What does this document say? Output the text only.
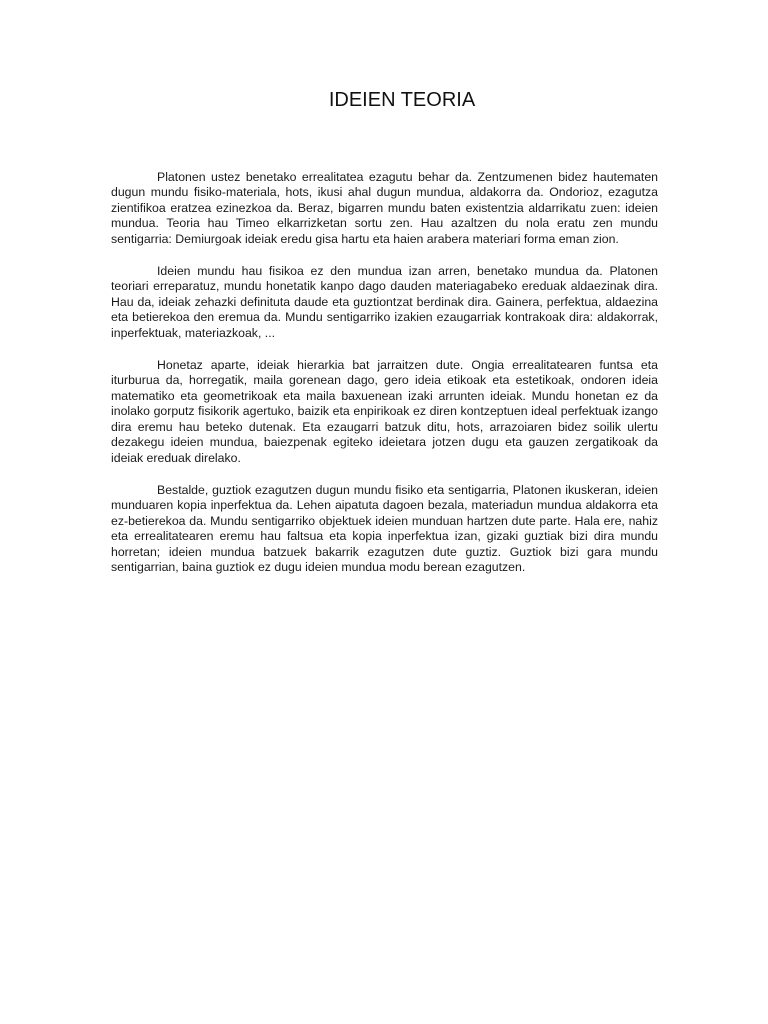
IDEIEN TEORIA

Platonen ustez benetako errealitatea ezagutu behar da. Zentzumenen bidez hautematen dugun mundu fisiko-materiala, hots, ikusi ahal dugun mundua, aldakorra da. Ondorioz, ezagutza zientifikoa eratzea ezinezkoa da. Beraz, bigarren mundu baten existentzia aldarrikatu zuen: ideien mundua. Teoria hau Timeo elkarrizketan sortu zen. Hau azaltzen du nola eratu zen mundu sentigarria: Demiurgoak ideiak eredu gisa hartu eta haien arabera materiari forma eman zion.

Ideien mundu hau fisikoa ez den mundua izan arren, benetako mundua da. Platonen teoriari erreparatuz, mundu honetatik kanpo dago dauden materiagabeko ereduak aldaezinak dira. Hau da, ideiak zehazki definituta daude eta guztiontzat berdinak dira. Gainera, perfektua, aldaezina eta betierekoa den eremua da. Mundu sentigarriko izakien ezaugarriak kontrakoak dira: aldakorrak, inperfektuak, materiazkoak, ...

Honetaz aparte, ideiak hierarkia bat jarraitzen dute. Ongia errealitatearen funtsa eta iturburua da, horregatik, maila gorenean dago, gero ideia etikoak eta estetikoak, ondoren ideia matematiko eta geometrikoak eta maila baxuenean izaki arrunten ideiak. Mundu honetan ez da inolako gorputz fisikorik agertuko, baizik eta enpirikoak ez diren kontzeptuen ideal perfektuak izango dira eremu hau beteko dutenak. Eta ezaugarri batzuk ditu, hots, arrazoiaren bidez soilik ulertu dezakegu ideien mundua, baiezpenak egiteko ideietara jotzen dugu eta gauzen zergatikoak da ideiak ereduak direlako.

Bestalde, guztiok ezagutzen dugun mundu fisiko eta sentigarria, Platonen ikuskeran, ideien munduaren kopia inperfektua da. Lehen aipatuta dagoen bezala, materiadun mundua aldakorra eta ez-betierekoa da. Mundu sentigarriko objektuek ideien munduan hartzen dute parte. Hala ere, nahiz eta errealitatearen eremu hau faltsua eta kopia inperfektua izan, gizaki guztiak bizi dira mundu horretan; ideien mundua batzuek bakarrik ezagutzen dute guztiz. Guztiok bizi gara mundu sentigarrian, baina guztiok ez dugu ideien mundua modu berean ezagutzen.
